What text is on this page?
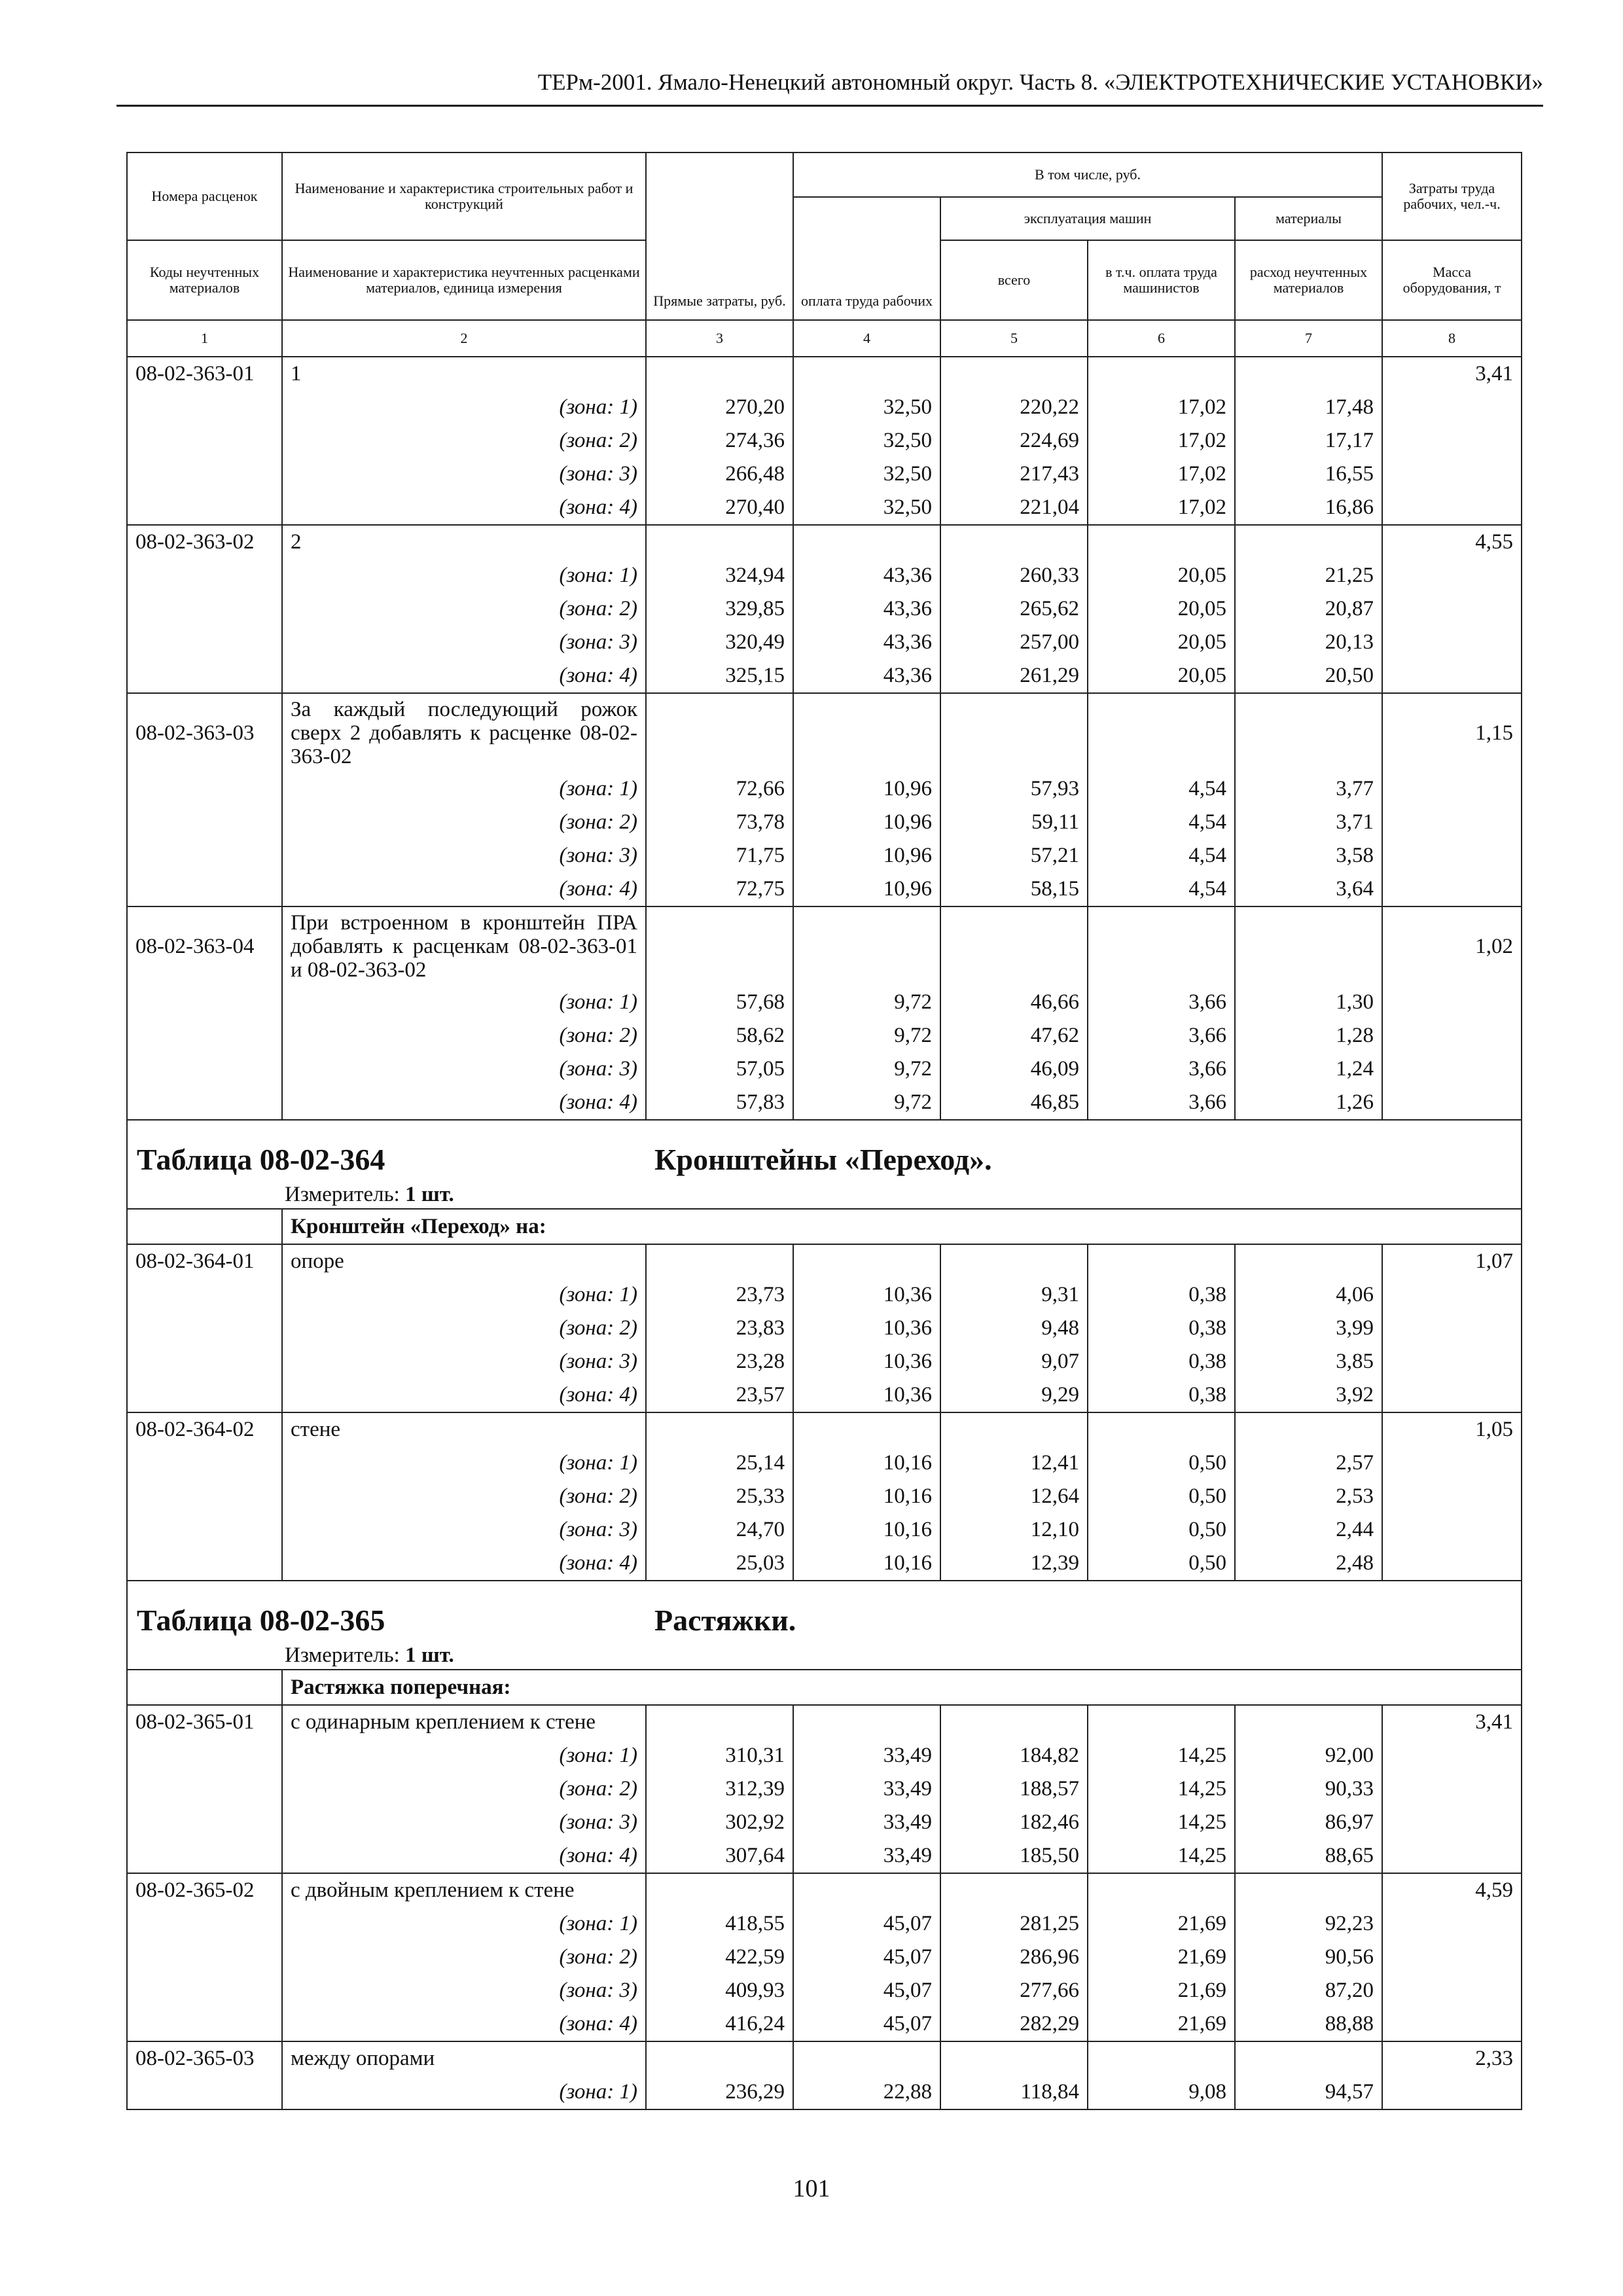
ТЕРм-2001. Ямало-Ненецкий автономный округ. Часть 8. «ЭЛЕКТРОТЕХНИЧЕСКИЕ УСТАНОВКИ»
Номера расценок	Наименование и характеристика строительных работ и конструкций	Прямые затраты, руб.	В том числе, руб.				Затраты труда рабочих, чел.-ч.
			оплата труда рабочих	эксплуатация машин		материалы	
Коды неучтенных материалов	Наименование и характеристика неучтенных расценками материалов, единица измерения			всего	в т.ч. оплата труда машинистов	расход неучтенных материалов	Масса оборудования, т
1	2	3	4	5	6	7	8
08-02-363-01	1						3,41
	(зона: 1)	270,20	32,50	220,22	17,02	17,48	
	(зона: 2)	274,36	32,50	224,69	17,02	17,17	
	(зона: 3)	266,48	32,50	217,43	17,02	16,55	
	(зона: 4)	270,40	32,50	221,04	17,02	16,86	
08-02-363-02	2						4,55
	(зона: 1)	324,94	43,36	260,33	20,05	21,25	
	(зона: 2)	329,85	43,36	265,62	20,05	20,87	
	(зона: 3)	320,49	43,36	257,00	20,05	20,13	
	(зона: 4)	325,15	43,36	261,29	20,05	20,50	
08-02-363-03	За каждый последующий рожок сверх 2 добавлять к расценке 08-02-363-02						1,15
	(зона: 1)	72,66	10,96	57,93	4,54	3,77	
	(зона: 2)	73,78	10,96	59,11	4,54	3,71	
	(зона: 3)	71,75	10,96	57,21	4,54	3,58	
	(зона: 4)	72,75	10,96	58,15	4,54	3,64	
08-02-363-04	При встроенном в кронштейн ПРА добавлять к расценкам 08-02-363-01 и 08-02-363-02						1,02
	(зона: 1)	57,68	9,72	46,66	3,66	1,30	
	(зона: 2)	58,62	9,72	47,62	3,66	1,28	
	(зона: 3)	57,05	9,72	46,09	3,66	1,24	
	(зона: 4)	57,83	9,72	46,85	3,66	1,26	

Таблица 08-02-364 Кронштейны «Переход».
Измеритель: 1 шт.							

	Кронштейн «Переход» на:						
08-02-364-01	опоре						1,07
	(зона: 1)	23,73	10,36	9,31	0,38	4,06	
	(зона: 2)	23,83	10,36	9,48	0,38	3,99	
	(зона: 3)	23,28	10,36	9,07	0,38	3,85	
	(зона: 4)	23,57	10,36	9,29	0,38	3,92	
08-02-364-02	стене						1,05
	(зона: 1)	25,14	10,16	12,41	0,50	2,57	
	(зона: 2)	25,33	10,16	12,64	0,50	2,53	
	(зона: 3)	24,70	10,16	12,10	0,50	2,44	
	(зона: 4)	25,03	10,16	12,39	0,50	2,48	

Таблица 08-02-365 Растяжки.
Измеритель: 1 шт.							

	Растяжка поперечная:						
08-02-365-01	с одинарным креплением к стене						3,41
	(зона: 1)	310,31	33,49	184,82	14,25	92,00	
	(зона: 2)	312,39	33,49	188,57	14,25	90,33	
	(зона: 3)	302,92	33,49	182,46	14,25	86,97	
	(зона: 4)	307,64	33,49	185,50	14,25	88,65	
08-02-365-02	с двойным креплением к стене						4,59
	(зона: 1)	418,55	45,07	281,25	21,69	92,23	
	(зона: 2)	422,59	45,07	286,96	21,69	90,56	
	(зона: 3)	409,93	45,07	277,66	21,69	87,20	
	(зона: 4)	416,24	45,07	282,29	21,69	88,88	
08-02-365-03	между опорами						2,33
	(зона: 1)	236,29	22,88	118,84	9,08	94,57	
101
